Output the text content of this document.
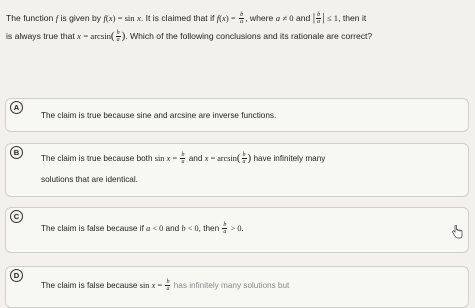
The function f is given by f(x) = sin x. It is claimed that if $f(x) = \frac{b}{a}$ , where a ≠ 0 and | $\frac{b}{a}$ | ≤ 1, then it
is always true that $x = \arcsin( \frac{b}{a}$ ). Which of the following conclusions and its rationale are correct?
A
The claim is true because sine and arcsine are inverse functions.
B
The claim is true because both $\sin x = \frac{b}{a}$ and $x = \arcsin( \frac{b}{a}$ ) have infinitely many
solutions that are identical.
C
The claim is false because if a < 0 and b < 0, then $\frac{b}{a} > 0$.
D
The claim is false because $\sin x = \frac{b}{a}$ has infinitely many solutions but
